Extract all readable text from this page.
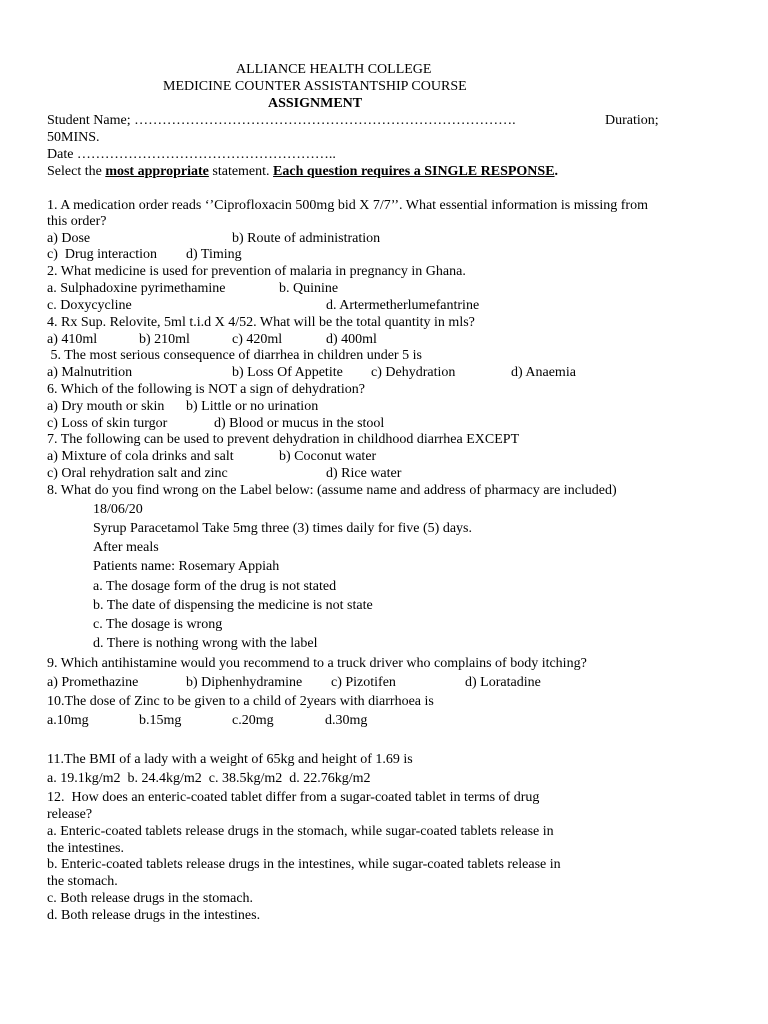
ALLIANCE HEALTH COLLEGE
MEDICINE COUNTER ASSISTANTSHIP COURSE
ASSIGNMENT
Student Name; ……………………………………………………………………….	Duration;
50MINS.
Date ………………………………………………..
Select the most appropriate statement. Each question requires a SINGLE RESPONSE.
1. A medication order reads ‘’Ciprofloxacin 500mg bid X 7/7’’. What essential information is missing from
this order?
a) Dose	b) Route of administration
c)  Drug interaction d) Timing
2. What medicine is used for prevention of malaria in pregnancy in Ghana.
a. Sulphadoxine pyrimethamine	b. Quinine
c. Doxycycline	d. Artermetherlumefantrine
4. Rx Sup. Relovite, 5ml t.i.d X 4/52. What will be the total quantity in mls?
a) 410ml	b) 210ml	c) 420ml	d) 400ml
5. The most serious consequence of diarrhea in children under 5 is
a) Malnutrition	b) Loss Of Appetite c) Dehydration	d) Anaemia
6. Which of the following is NOT a sign of dehydration?
a) Dry mouth or skin b) Little or no urination
c) Loss of skin turgor	d) Blood or mucus in the stool
7. The following can be used to prevent dehydration in childhood diarrhea EXCEPT
a) Mixture of cola drinks and salt	b) Coconut water
c) Oral rehydration salt and zinc	d) Rice water
8. What do you find wrong on the Label below: (assume name and address of pharmacy are included)
18/06/20
Syrup Paracetamol Take 5mg three (3) times daily for five (5) days.
After meals
Patients name: Rosemary Appiah
a. The dosage form of the drug is not stated
b. The date of dispensing the medicine is not state
c. The dosage is wrong
d. There is nothing wrong with the label
9. Which antihistamine would you recommend to a truck driver who complains of body itching?
a) Promethazine	b) Diphenhydramine c) Pizotifen	d) Loratadine
10.The dose of Zinc to be given to a child of 2years with diarrhoea is
a.10mg	b.15mg	c.20mg	d.30mg
11.The BMI of a lady with a weight of 65kg and height of 1.69 is
a. 19.1kg/m2  b. 24.4kg/m2  c. 38.5kg/m2  d. 22.76kg/m2
12.  How does an enteric-coated tablet differ from a sugar-coated tablet in terms of drug
release?
a. Enteric-coated tablets release drugs in the stomach, while sugar-coated tablets release in
the intestines.
b. Enteric-coated tablets release drugs in the intestines, while sugar-coated tablets release in
the stomach.
c. Both release drugs in the stomach.
d. Both release drugs in the intestines.
